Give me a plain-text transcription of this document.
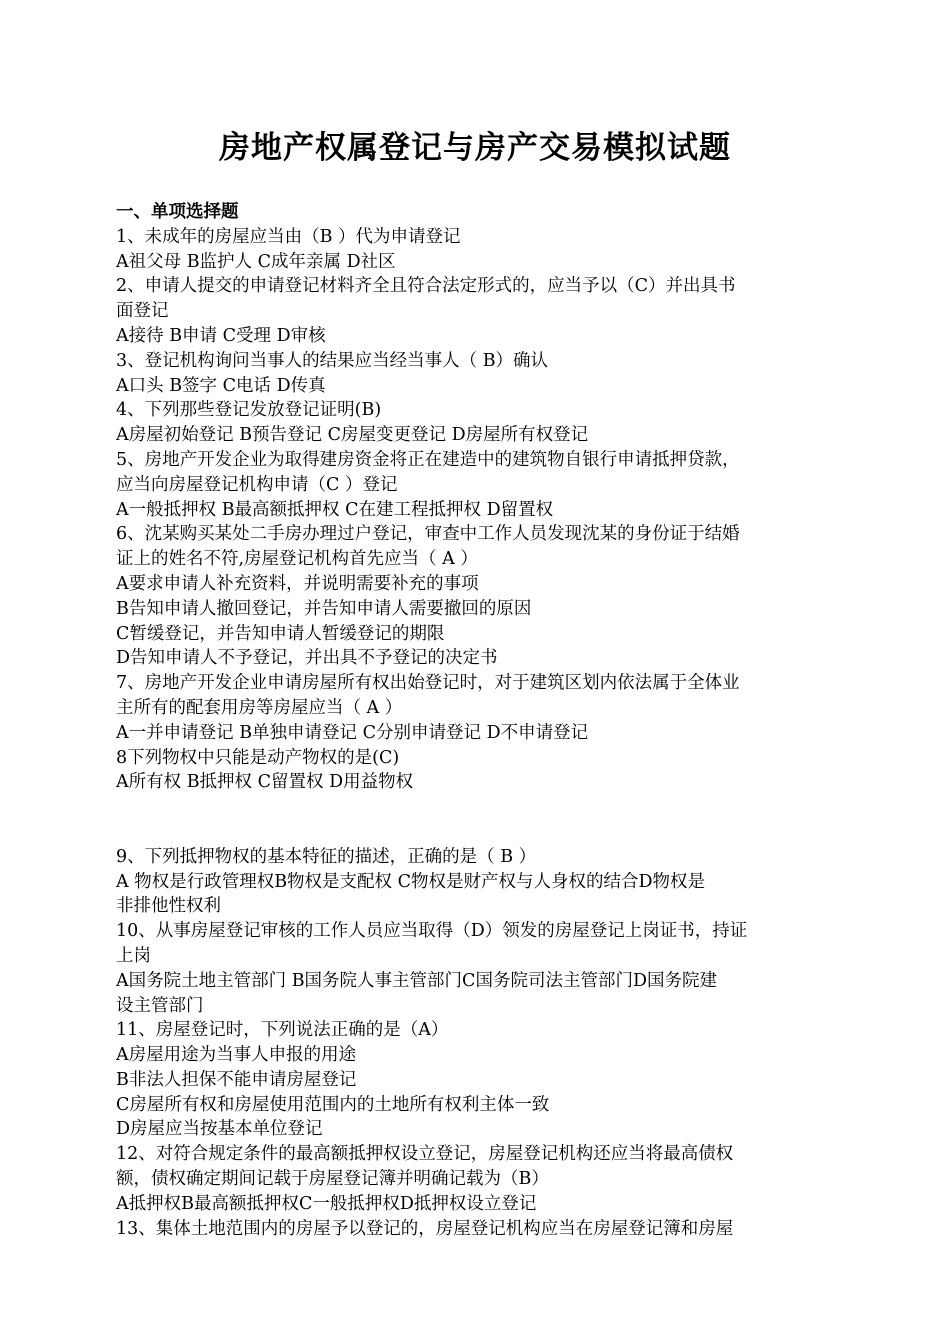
房地产权属登记与房产交易模拟试题
一、单项选择题
1、未成年的房屋应当由（B ）代为申请登记
A祖父母 B监护人 C成年亲属 D社区
2、申请人提交的申请登记材料齐全且符合法定形式的，应当予以（C）并出具书
面登记
A接待 B申请 C受理 D审核
3、登记机构询问当事人的结果应当经当事人（ B）确认
A口头 B签字 C电话 D传真
4、下列那些登记发放登记证明(B)
A房屋初始登记 B预告登记 C房屋变更登记 D房屋所有权登记
5、房地产开发企业为取得建房资金将正在建造中的建筑物自银行申请抵押贷款，
应当向房屋登记机构申请（C ）登记
A一般抵押权 B最高额抵押权 C在建工程抵押权 D留置权
6、沈某购买某处二手房办理过户登记，审查中工作人员发现沈某的身份证于结婚
证上的姓名不符,房屋登记机构首先应当（ A ）
A要求申请人补充资料，并说明需要补充的事项
B告知申请人撤回登记，并告知申请人需要撤回的原因
C暂缓登记，并告知申请人暂缓登记的期限
D告知申请人不予登记，并出具不予登记的决定书
7、房地产开发企业申请房屋所有权出始登记时，对于建筑区划内依法属于全体业
主所有的配套用房等房屋应当（ A ）
A一并申请登记 B单独申请登记 C分别申请登记 D不申请登记
8下列物权中只能是动产物权的是(C)
A所有权 B抵押权 C留置权 D用益物权
9、下列抵押物权的基本特征的描述，正确的是（ B ）
A 物权是行政管理权B物权是支配权 C物权是财产权与人身权的结合D物权是
非排他性权利
10、从事房屋登记审核的工作人员应当取得（D）领发的房屋登记上岗证书，持证
上岗
A国务院土地主管部门 B国务院人事主管部门C国务院司法主管部门D国务院建
设主管部门
11、房屋登记时，下列说法正确的是（A）
A房屋用途为当事人申报的用途
B非法人担保不能申请房屋登记
C房屋所有权和房屋使用范围内的土地所有权利主体一致
D房屋应当按基本单位登记
12、对符合规定条件的最高额抵押权设立登记，房屋登记机构还应当将最高债权
额，债权确定期间记载于房屋登记簿并明确记载为（B）
A抵押权B最高额抵押权C一般抵押权D抵押权设立登记
13、集体土地范围内的房屋予以登记的，房屋登记机构应当在房屋登记簿和房屋
